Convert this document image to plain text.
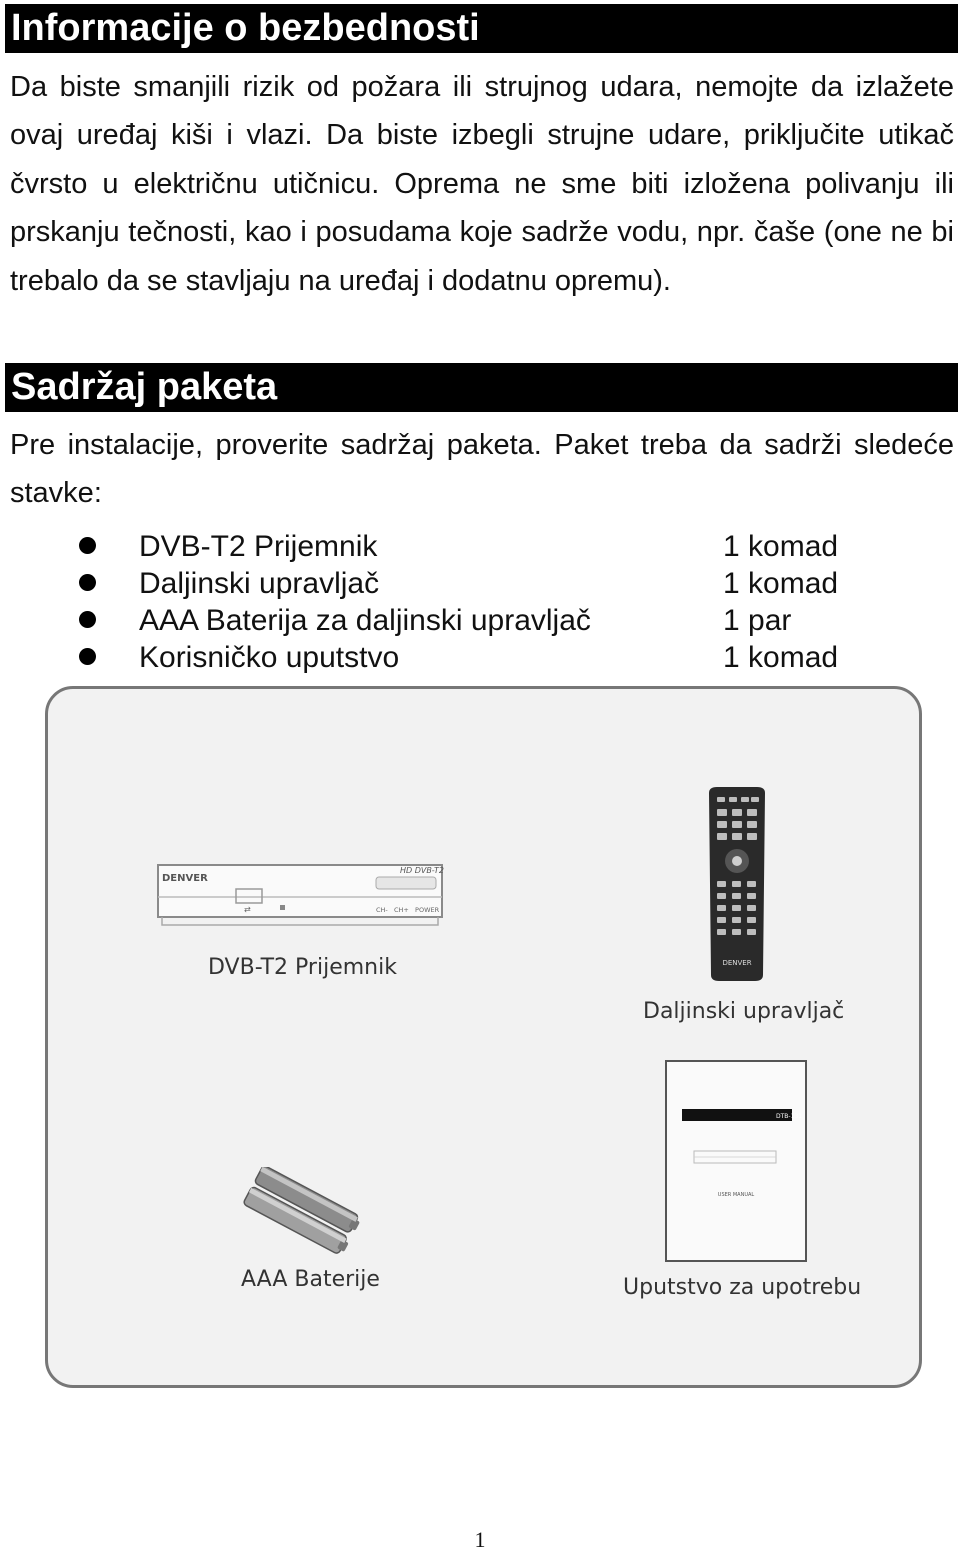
Informacije o bezbednosti

Da biste smanjili rizik od požara ili strujnog udara, nemojte da izlažete ovaj uređaj kiši i vlazi. Da biste izbegli strujne udare, priključite utikač čvrsto u električnu utičnicu. Oprema ne sme biti izložena polivanju ili prskanju tečnosti, kao i posudama koje sadrže vodu, npr. čaše (one ne bi trebalo da se stavljaju na uređaj i dodatnu opremu).

Sadržaj paketa

Pre instalacije, proverite sadržaj paketa. Paket treba da sadrži sledeće stavke:

DVB-T2 Prijemnik	1 komad
Daljinski upravljač	1 komad
AAA Baterija za daljinski upravljač	1 par
Korisničko uputstvo	1 komad
DENVER
HD DVB-T2
CH-   CH+   POWER
⇄
DVB-T2 Prijemnik	DENVER
Daljinski upravljač
AAA Baterije
DTB-131
USER MANUAL
Uputstvo za upotrebu
1
